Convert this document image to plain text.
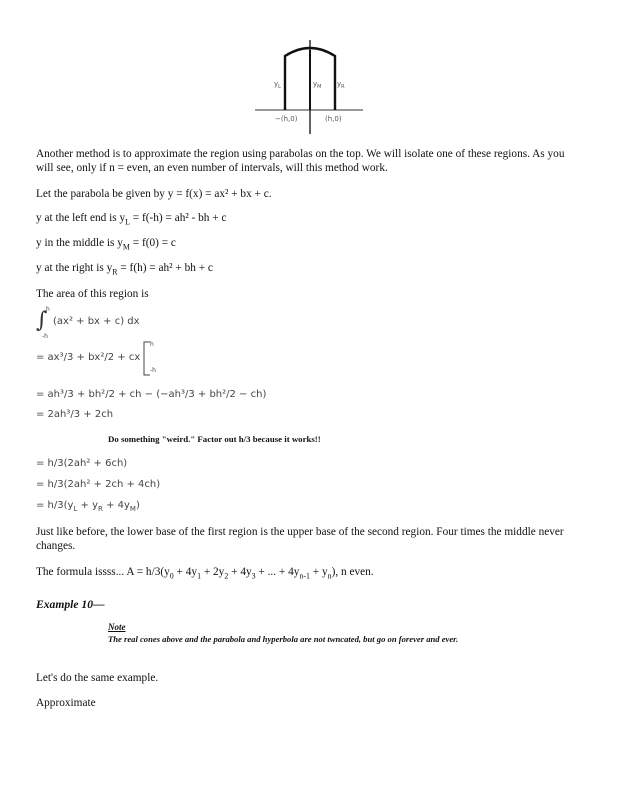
$y_L$	$y_M$ $y_R$
−(h,0)	(h,0)
Another method is to approximate the region using parabolas on the top. We will isolate one of these regions. As you will see, only if n = even, an even number of intervals, will this method work.
Let the parabola be given by y = f(x) = ax² + bx + c.
y at the left end is $y_L = f(-h) = ah^2$ - bh + c
y in the middle is $y_M = f(0) = c$
y at the right is $y_R = f(h) = ah^2$ + bh + c
The area of this region is
∫
h
-h
(ax² + bx + c) dx
= ax³/3 + bx²/2 + cx
h
-h
= ah³/3 + bh²/2 + ch − (−ah³/3 + bh²/2 − ch)
= 2ah³/3 + 2ch
Do something "weird." Factor out h/3 because it works!!
= h/3(2ah² + 6ch)
= h/3(2ah² + 2ch + 4ch)
= $h/3(y_L + y_R + 4y_M)$
Just like before, the lower base of the first region is the upper base of the second region. Four times the middle never changes.
The formula issss... $A = h/3(y_0 + 4y_1 + 2y_2 + 4y_3$ + ... + $4y_{n-1} + y_n$), n even.
Example 10—
Note
The real cones above and the parabola and hyperbola are not twncated, but go on forever and ever.
Let's do the same example.
Approximate
